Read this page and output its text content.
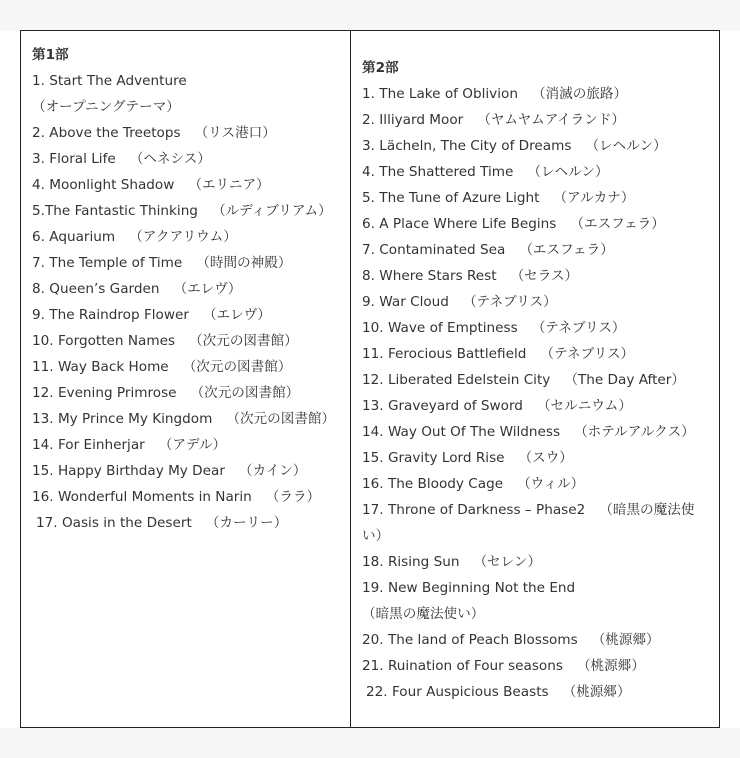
第1部
1. Start The Adventure（オープニングテーマ）
2. Above the Treetops （リス港口）
3. Floral Life （ヘネシス）
4. Moonlight Shadow （エリニア）
5.The Fantastic Thinking （ルディブリアム）
6. Aquarium （アクアリウム）
7. The Temple of Time （時間の神殿）
8. Queen’s Garden （エレヴ）
9. The Raindrop Flower （エレヴ）
10. Forgotten Names （次元の図書館）
11. Way Back Home （次元の図書館）
12. Evening Primrose （次元の図書館）
13. My Prince My Kingdom （次元の図書館）
14. For Einherjar （アデル）
15. Happy Birthday My Dear （カイン）
16. Wonderful Moments in Narin （ララ）
17. Oasis in the Desert （カーリー）
第2部
1. The Lake of Oblivion （消滅の旅路）
2. Illiyard Moor （ヤムヤムアイランド）
3. Lächeln, The City of Dreams （レヘルン）
4. The Shattered Time （レヘルン）
5. The Tune of Azure Light （アルカナ）
6. A Place Where Life Begins （エスフェラ）
7. Contaminated Sea （エスフェラ）
8. Where Stars Rest （セラス）
9. War Cloud （テネブリス）
10. Wave of Emptiness （テネブリス）
11. Ferocious Battlefield （テネブリス）
12. Liberated Edelstein City （The Day After）
13. Graveyard of Sword （セルニウム）
14. Way Out Of The Wildness （ホテルアルクス）
15. Gravity Lord Rise （スウ）
16. The Bloody Cage （ウィル）
17. Throne of Darkness – Phase2 （暗黒の魔法使い）
18. Rising Sun （セレン）
19. New Beginning Not the End（暗黒の魔法使い）
20. The land of Peach Blossoms （桃源郷）
21. Ruination of Four seasons （桃源郷）
22. Four Auspicious Beasts （桃源郷）
